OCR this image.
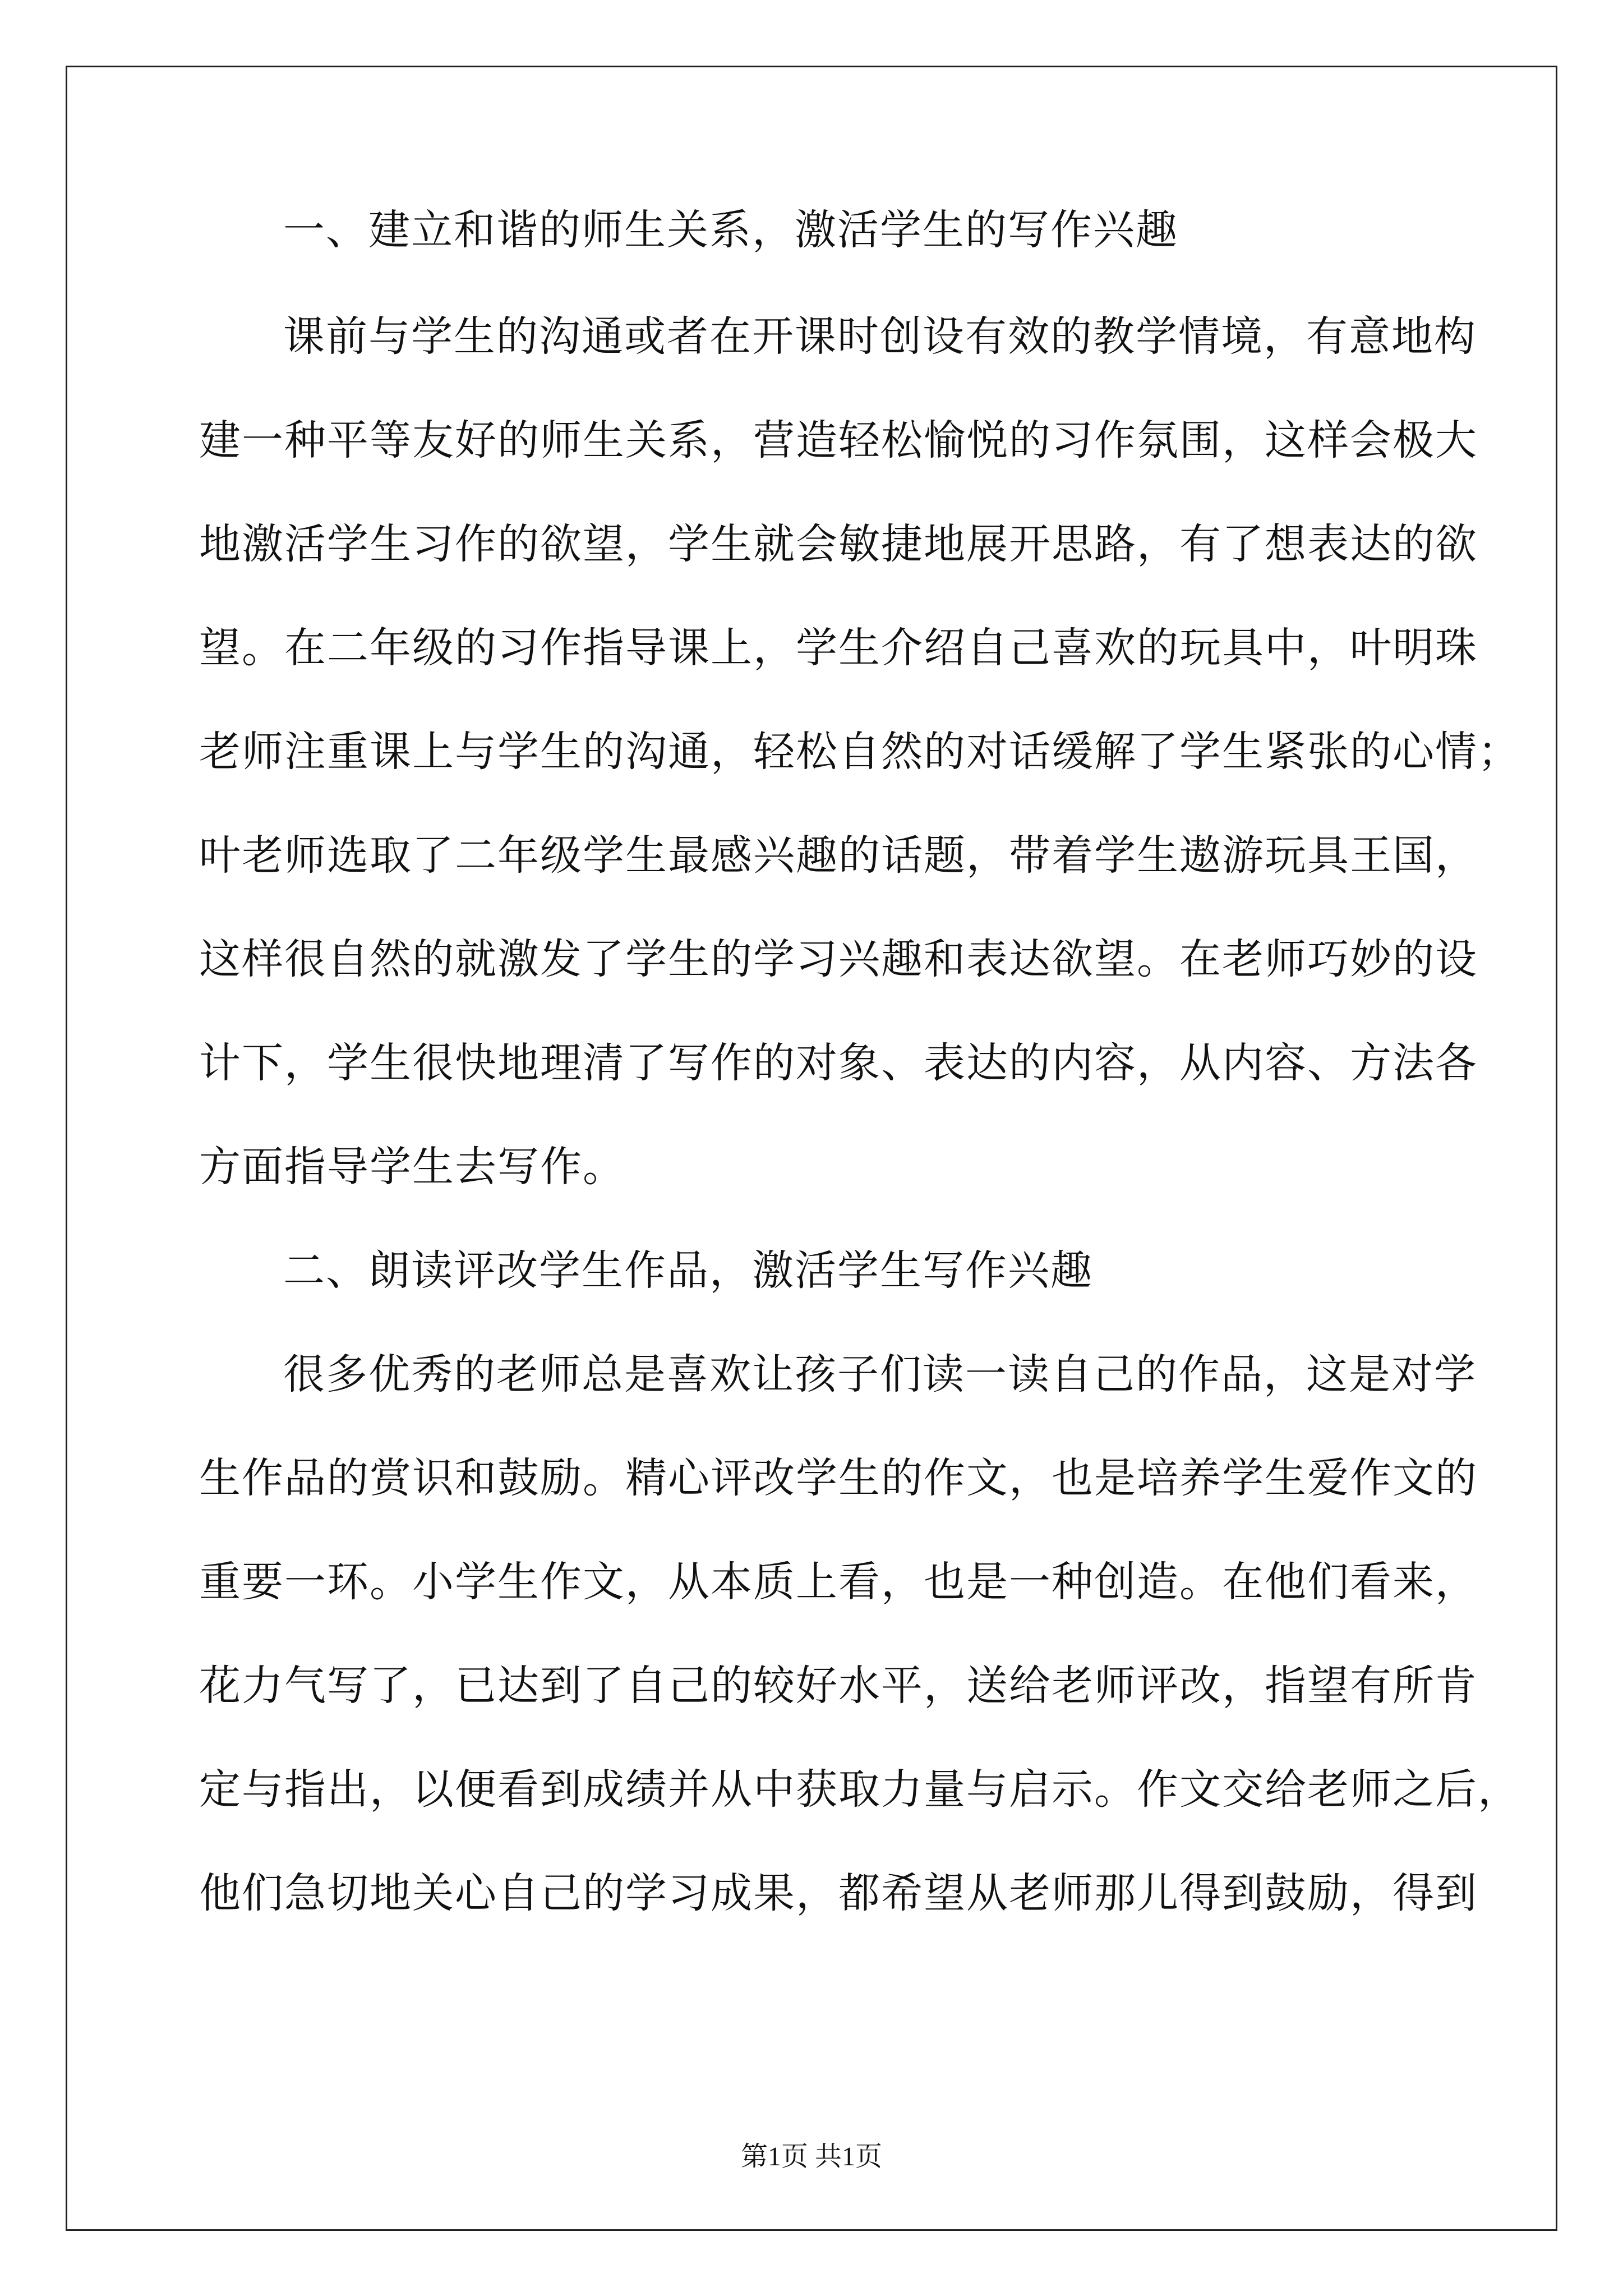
一、建立和谐的师生关系，激活学生的写作兴趣
课前与学生的沟通或者在开课时创设有效的教学情境，有意地构
建一种平等友好的师生关系，营造轻松愉悦的习作氛围，这样会极大
地激活学生习作的欲望，学生就会敏捷地展开思路，有了想表达的欲
望。在二年级的习作指导课上，学生介绍自己喜欢的玩具中，叶明珠
老师注重课上与学生的沟通，轻松自然的对话缓解了学生紧张的心情；
叶老师选取了二年级学生最感兴趣的话题，带着学生遨游玩具王国，
这样很自然的就激发了学生的学习兴趣和表达欲望。在老师巧妙的设
计下，学生很快地理清了写作的对象、表达的内容，从内容、方法各
方面指导学生去写作。
二、朗读评改学生作品，激活学生写作兴趣
很多优秀的老师总是喜欢让孩子们读一读自己的作品，这是对学
生作品的赏识和鼓励。精心评改学生的作文，也是培养学生爱作文的
重要一环。小学生作文，从本质上看，也是一种创造。在他们看来，
花力气写了，已达到了自己的较好水平，送给老师评改，指望有所肯
定与指出，以便看到成绩并从中获取力量与启示。作文交给老师之后，
他们急切地关心自己的学习成果，都希望从老师那儿得到鼓励，得到
第1页 共1页
